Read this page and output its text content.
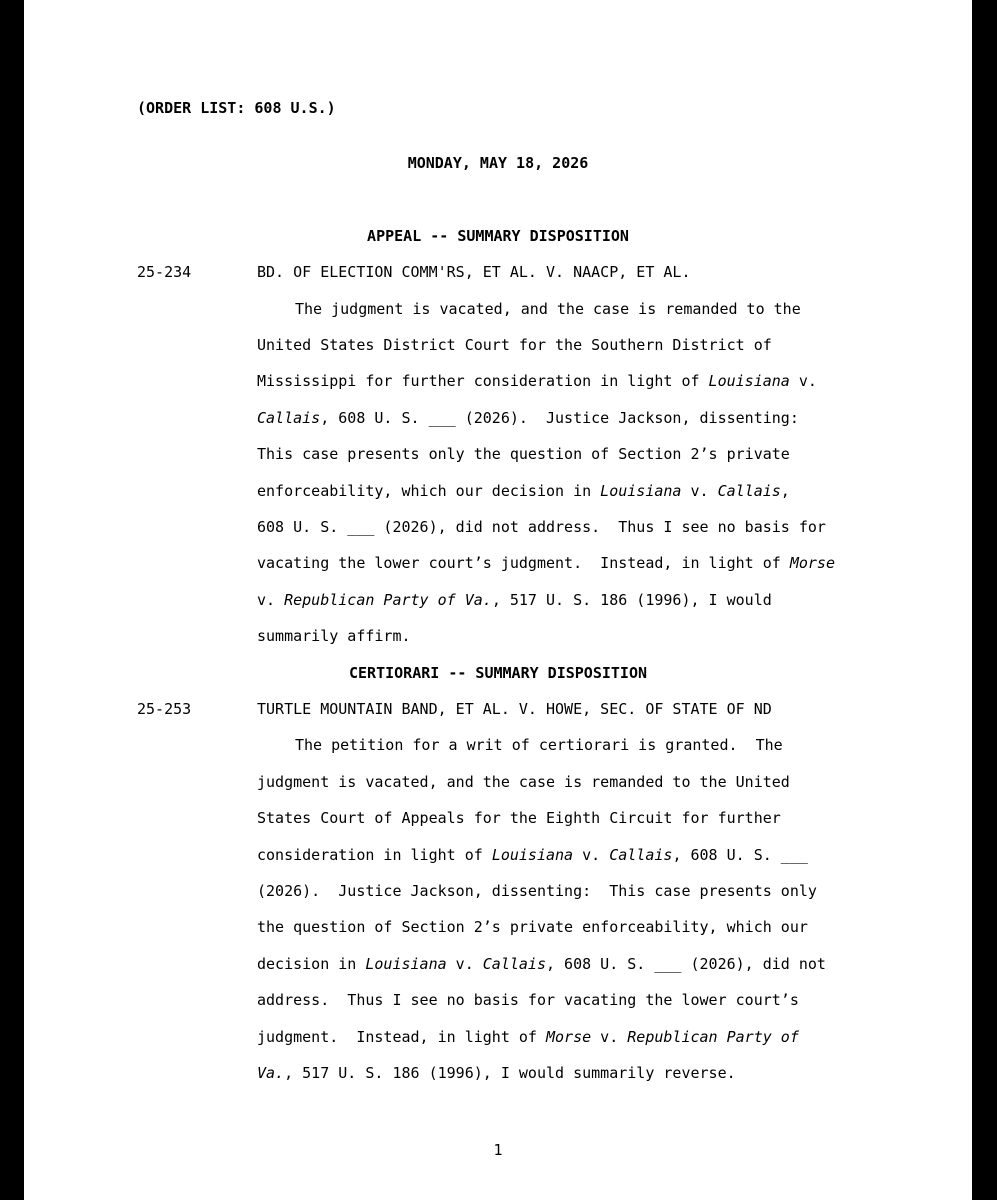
(ORDER LIST: 608 U.S.)
MONDAY, MAY 18, 2026
APPEAL -- SUMMARY DISPOSITION
25-234	BD. OF ELECTION COMM'RS, ET AL. V. NAACP, ET AL.
The judgment is vacated, and the case is remanded to the
United States District Court for the Southern District of
Mississippi for further consideration in light of Louisiana v.
Callais, 608 U. S. ___ (2026).  Justice Jackson, dissenting:
This case presents only the question of Section 2’s private
enforceability, which our decision in Louisiana v. Callais,
608 U. S. ___ (2026), did not address.  Thus I see no basis for
vacating the lower court’s judgment.  Instead, in light of Morse
v. Republican Party of Va., 517 U. S. 186 (1996), I would
summarily affirm.
CERTIORARI -- SUMMARY DISPOSITION
25-253	TURTLE MOUNTAIN BAND, ET AL. V. HOWE, SEC. OF STATE OF ND
The petition for a writ of certiorari is granted.  The
judgment is vacated, and the case is remanded to the United
States Court of Appeals for the Eighth Circuit for further
consideration in light of Louisiana v. Callais, 608 U. S. ___
(2026).  Justice Jackson, dissenting:  This case presents only
the question of Section 2’s private enforceability, which our
decision in Louisiana v. Callais, 608 U. S. ___ (2026), did not
address.  Thus I see no basis for vacating the lower court’s
judgment.  Instead, in light of Morse v. Republican Party of
Va., 517 U. S. 186 (1996), I would summarily reverse.
1
